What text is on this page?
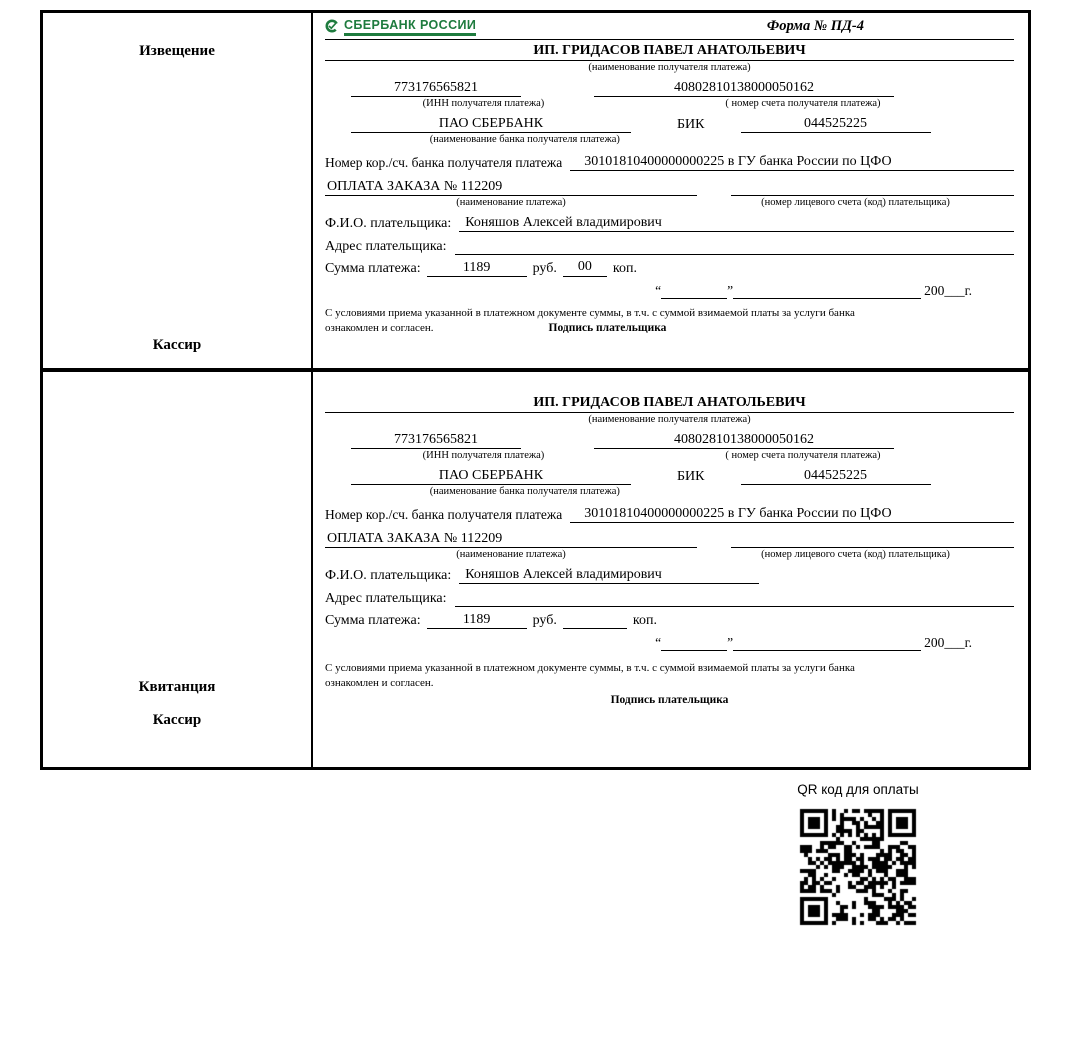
Извещение
Кассир
СБЕРБАНК РОССИИ	Форма № ПД-4
ИП. ГРИДАСОВ ПАВЕЛ АНАТОЛЬЕВИЧ
(наименование получателя платежа)
773176565821	40802810138000050162
(ИНН получателя платежа)	( номер счета получателя платежа)
ПАО СБЕРБАНК	БИК	044525225
(наименование банка получателя платежа)
Номер кор./сч. банка получателя платежа	30101810400000000225 в ГУ банка России по ЦФО
ОПЛАТА ЗАКАЗА № 112209
(наименование платежа)	(номер лицевого счета (код) плательщика)
Ф.И.О. плательщика:	Коняшов Алексей владимирович
Адрес плательщика:
Сумма платежа:	1189	руб.	00	коп.
“	”	200___г.
С условиями приема указанной в платежном документе суммы, в т.ч. с суммой взимаемой платы за услуги банка
ознакомлен и согласен.	Подпись плательщика
Квитанция
Кассир
ИП. ГРИДАСОВ ПАВЕЛ АНАТОЛЬЕВИЧ
(наименование получателя платежа)
773176565821	40802810138000050162
(ИНН получателя платежа)	( номер счета получателя платежа)
ПАО СБЕРБАНК	БИК	044525225
(наименование банка получателя платежа)
Номер кор./сч. банка получателя платежа	30101810400000000225 в ГУ банка России по ЦФО
ОПЛАТА ЗАКАЗА № 112209
(наименование платежа)	(номер лицевого счета (код) плательщика)
Ф.И.О. плательщика:	Коняшов Алексей владимирович
Адрес плательщика:
Сумма платежа:	1189	руб.	коп.
“	”	200___г.
С условиями приема указанной в платежном документе суммы, в т.ч. с суммой взимаемой платы за услуги банка
ознакомлен и согласен.
Подпись плательщика
QR код для оплаты
